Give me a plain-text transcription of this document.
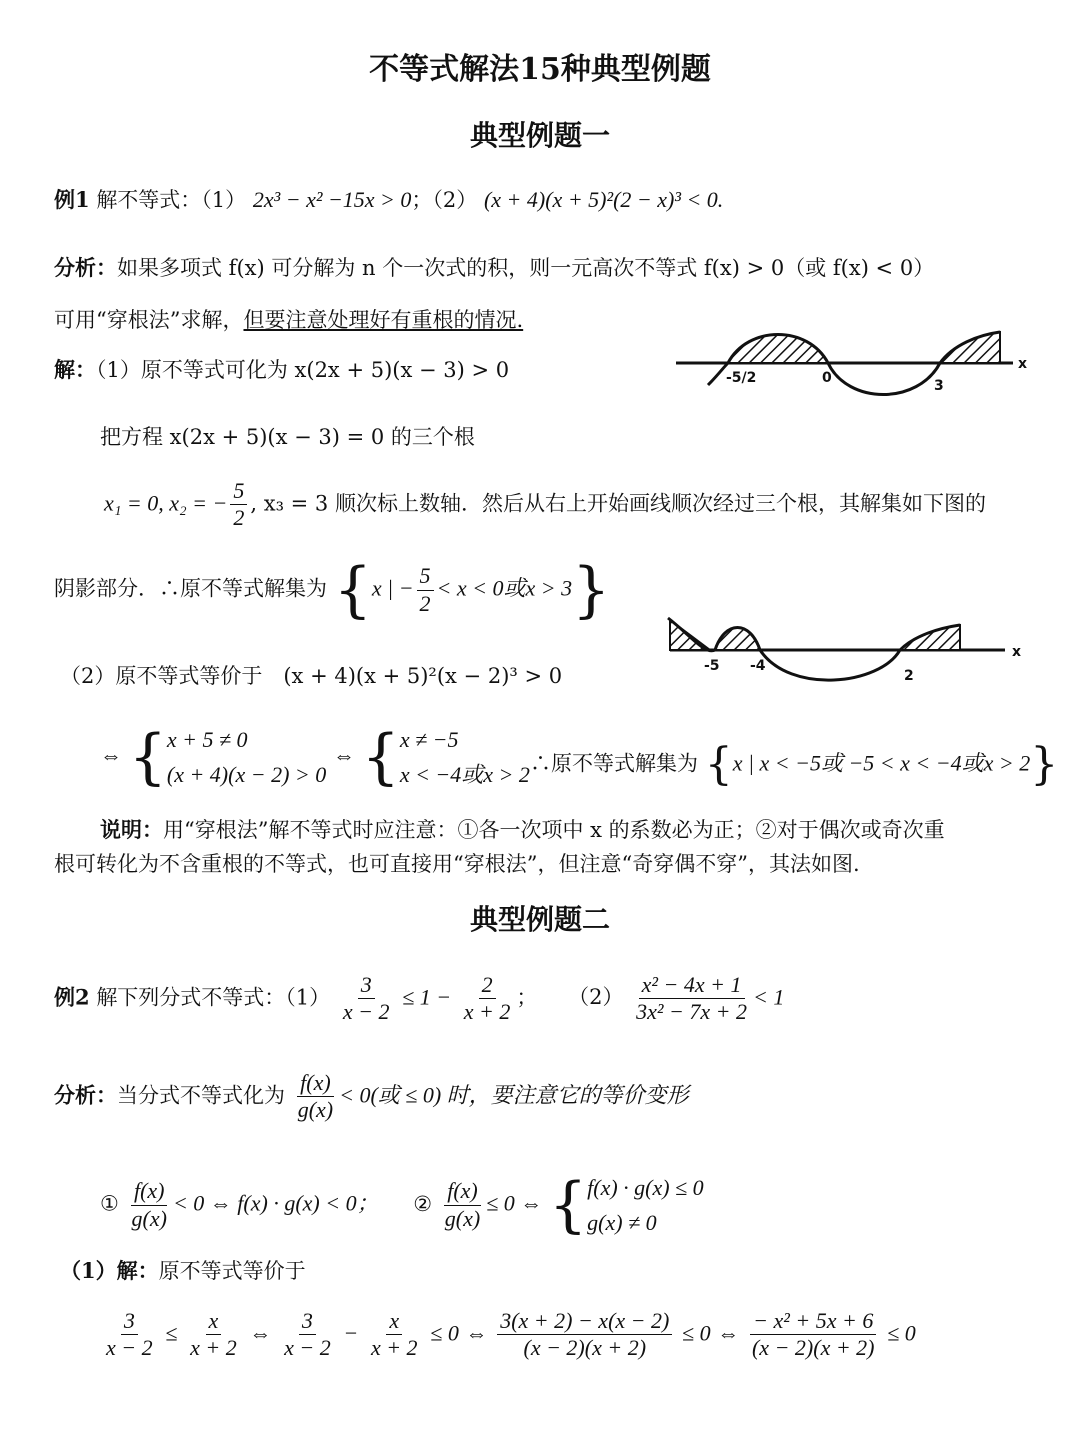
不等式解法15种典型例题
典型例题一
例1 解不等式：（1） 2x³ − x² −15x > 0；（2） (x + 4)(x + 5)²(2 − x)³ < 0.
分析：如果多项式 f(x) 可分解为 n 个一次式的积，则一元高次不等式 f(x) > 0（或 f(x) < 0）
可用“穿根法”求解，但要注意处理好有重根的情况.
解：（1）原不等式可化为 x(2x + 5)(x − 3) > 0	-5/2	0	3
x
把方程 x(2x + 5)(x − 3) = 0 的三个根
x₁ = 0, x₂ = − $\frac{5}{2}$ , x₃ = 3 顺次标上数轴．然后从右上开始画线顺次经过三个根，其解集如下图的
阴影部分．∴原不等式解集为 {x | − $\frac{5}{2} < x < 0$或x > 3}
-5 -4
2
x
（2）原不等式等价于　(x + 4)(x + 5)²(x − 2)³ > 0
⇔ { x + 5 ≠ 0
(x + 4)(x − 2) > 0
⇔ { x ≠ −5
x < −4或x > 2 ∴原不等式解集为 {x | x < −5或 −5 < x < −4或x > 2}
说明：用“穿根法”解不等式时应注意：①各一次项中 x 的系数必为正；②对于偶次或奇次重
根可转化为不含重根的不等式，也可直接用“穿根法”，但注意“奇穿偶不穿”，其法如图.
典型例题二
例2 解下列分式不等式：$(1) \frac{3}{x - 2} \le 1 - \frac{2}{x + 2}$ ； $(2) \frac{\text{x² − 4x + 1}}{\text{3x² − 7x + 2}} < 1$
分析：当分式不等式化为 $\frac{f(x)}{g(x)} < 0$(或 ≤ 0) 时，要注意它的等价变形
① $\frac{f(x)}{g(x)} < 0$ ⇔ f(x) · g(x) < 0； ② $\frac{f(x)}{g(x)} \le 0$ ⇔ { f(x) · g(x) ≤ 0
g(x) ≠ 0
（1）解：原不等式等价于
$\frac{3}{x - 2} \le \frac{x}{x + 2}$ ⇔ $\frac{3}{x - 2} - \frac{x}{x + 2} \le 0$ ⇔ $\frac{3(x + 2) - x(x - 2)}{(x - 2)(x + 2)} \le 0$ ⇔ $\frac{\text{− x² + 5x + 6}}{(x - 2)(x + 2)} \le 0$
